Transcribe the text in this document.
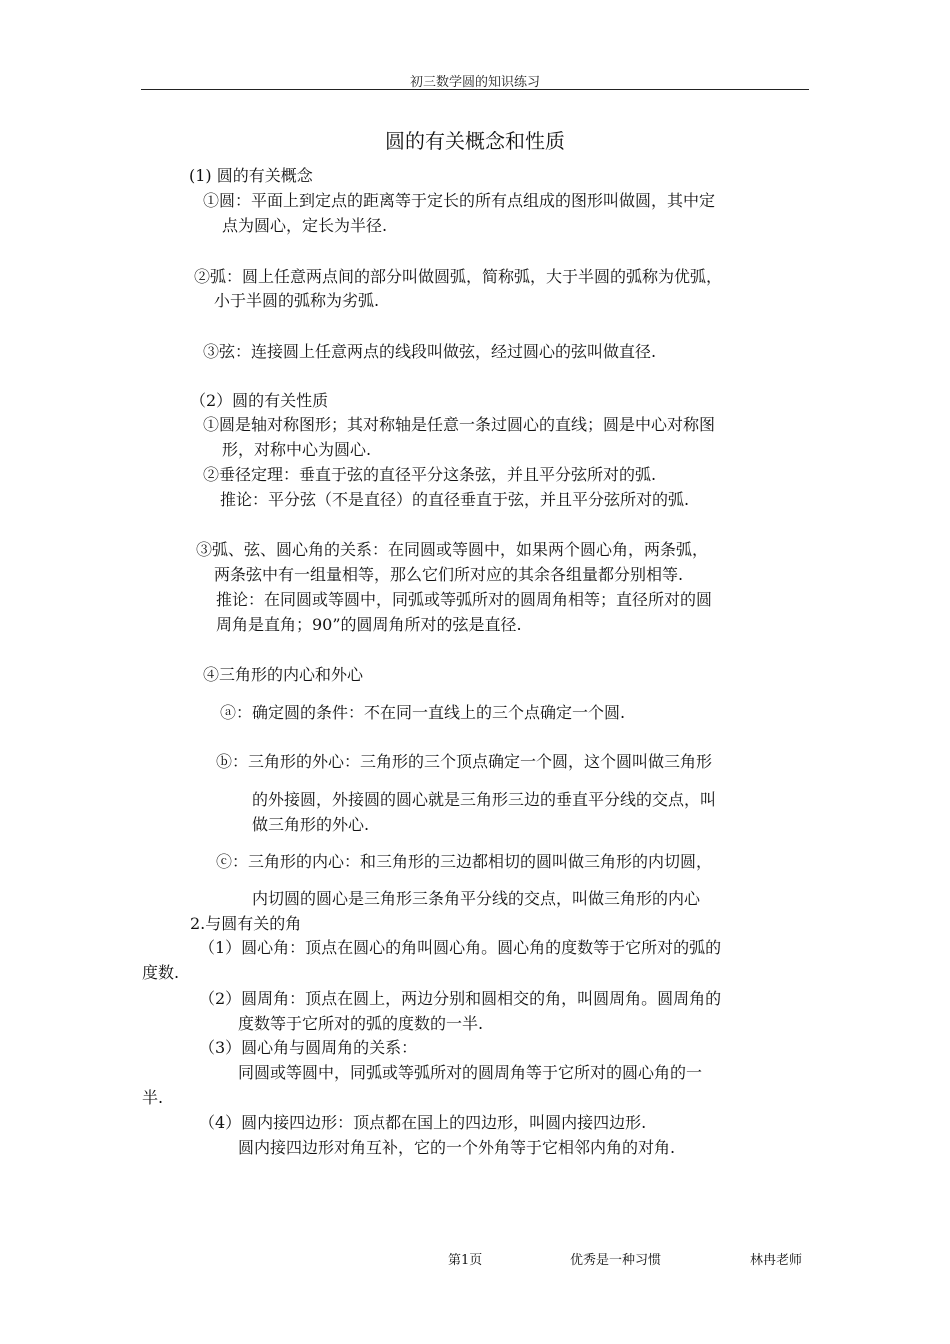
初三数学圆的知识练习
圆的有关概念和性质
(1) 圆的有关概念
①圆：平面上到定点的距离等于定长的所有点组成的图形叫做圆，其中定
点为圆心，定长为半径.
②弧：圆上任意两点间的部分叫做圆弧，简称弧，大于半圆的弧称为优弧，
小于半圆的弧称为劣弧.
③弦：连接圆上任意两点的线段叫做弦，经过圆心的弦叫做直径.
（2）圆的有关性质
①圆是轴对称图形；其对称轴是任意一条过圆心的直线；圆是中心对称图
形，对称中心为圆心.
②垂径定理：垂直于弦的直径平分这条弦，并且平分弦所对的弧.
推论：平分弦（不是直径）的直径垂直于弦，并且平分弦所对的弧.
③弧、弦、圆心角的关系：在同圆或等圆中，如果两个圆心角，两条弧，
两条弦中有一组量相等，那么它们所对应的其余各组量都分别相等.
推论：在同圆或等圆中，同弧或等弧所对的圆周角相等；直径所对的圆
周角是直角；90”的圆周角所对的弦是直径.
④三角形的内心和外心
ⓐ：确定圆的条件：不在同一直线上的三个点确定一个圆.
ⓑ：三角形的外心：三角形的三个顶点确定一个圆，这个圆叫做三角形
的外接圆，外接圆的圆心就是三角形三边的垂直平分线的交点，叫
做三角形的外心.
ⓒ：三角形的内心：和三角形的三边都相切的圆叫做三角形的内切圆，
内切圆的圆心是三角形三条角平分线的交点，叫做三角形的内心
2.与圆有关的角
（1）圆心角：顶点在圆心的角叫圆心角。圆心角的度数等于它所对的弧的
度数.
（2）圆周角：顶点在圆上，两边分别和圆相交的角，叫圆周角。圆周角的
度数等于它所对的弧的度数的一半.
（3）圆心角与圆周角的关系：
同圆或等圆中，同弧或等弧所对的圆周角等于它所对的圆心角的一
半.
（4）圆内接四边形：顶点都在国上的四边形，叫圆内接四边形.
圆内接四边形对角互补，它的一个外角等于它相邻内角的对角.
第1页	优秀是一种习惯	林冉老师
